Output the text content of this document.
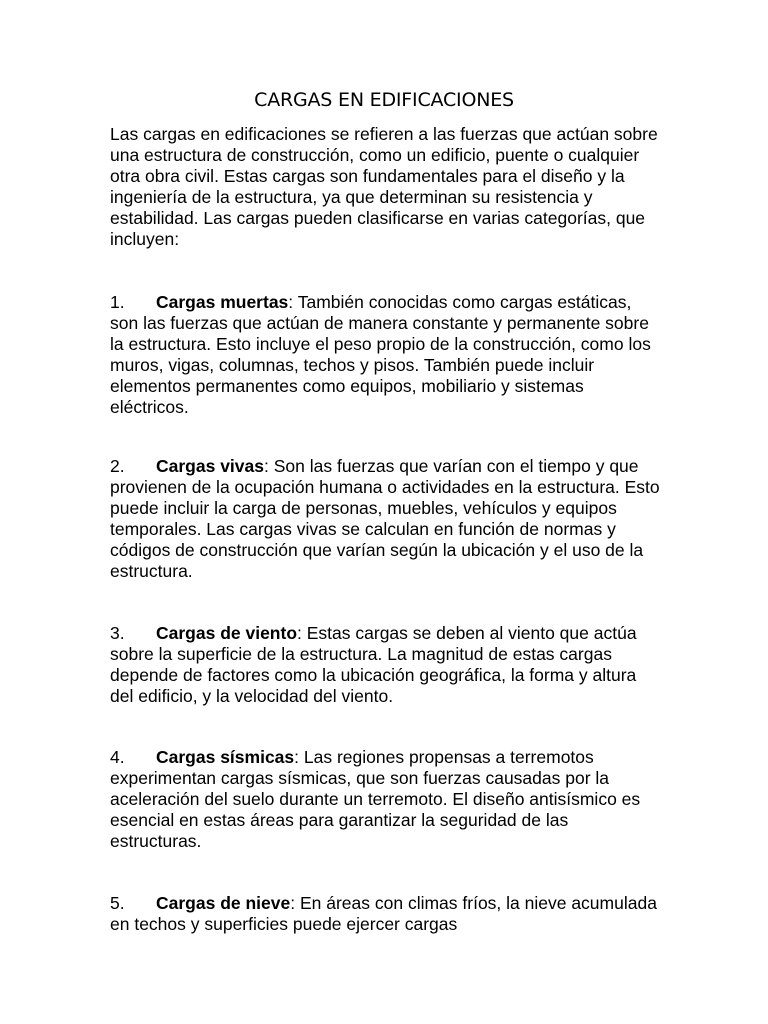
CARGAS EN EDIFICACIONES
Las cargas en edificaciones se refieren a las fuerzas que actúan sobre una estructura de construcción, como un edificio, puente o cualquier otra obra civil. Estas cargas son fundamentales para el diseño y la ingeniería de la estructura, ya que determinan su resistencia y estabilidad. Las cargas pueden clasificarse en varias categorías, que incluyen:
1. Cargas muertas: También conocidas como cargas estáticas, son las fuerzas que actúan de manera constante y permanente sobre la estructura. Esto incluye el peso propio de la construcción, como los muros, vigas, columnas, techos y pisos. También puede incluir elementos permanentes como equipos, mobiliario y sistemas eléctricos.
2. Cargas vivas: Son las fuerzas que varían con el tiempo y que provienen de la ocupación humana o actividades en la estructura. Esto puede incluir la carga de personas, muebles, vehículos y equipos temporales. Las cargas vivas se calculan en función de normas y códigos de construcción que varían según la ubicación y el uso de la estructura.
3. Cargas de viento: Estas cargas se deben al viento que actúa sobre la superficie de la estructura. La magnitud de estas cargas depende de factores como la ubicación geográfica, la forma y altura del edificio, y la velocidad del viento.
4. Cargas sísmicas: Las regiones propensas a terremotos experimentan cargas sísmicas, que son fuerzas causadas por la aceleración del suelo durante un terremoto. El diseño antisísmico es esencial en estas áreas para garantizar la seguridad de las estructuras.
5. Cargas de nieve: En áreas con climas fríos, la nieve acumulada en techos y superficies puede ejercer cargas
